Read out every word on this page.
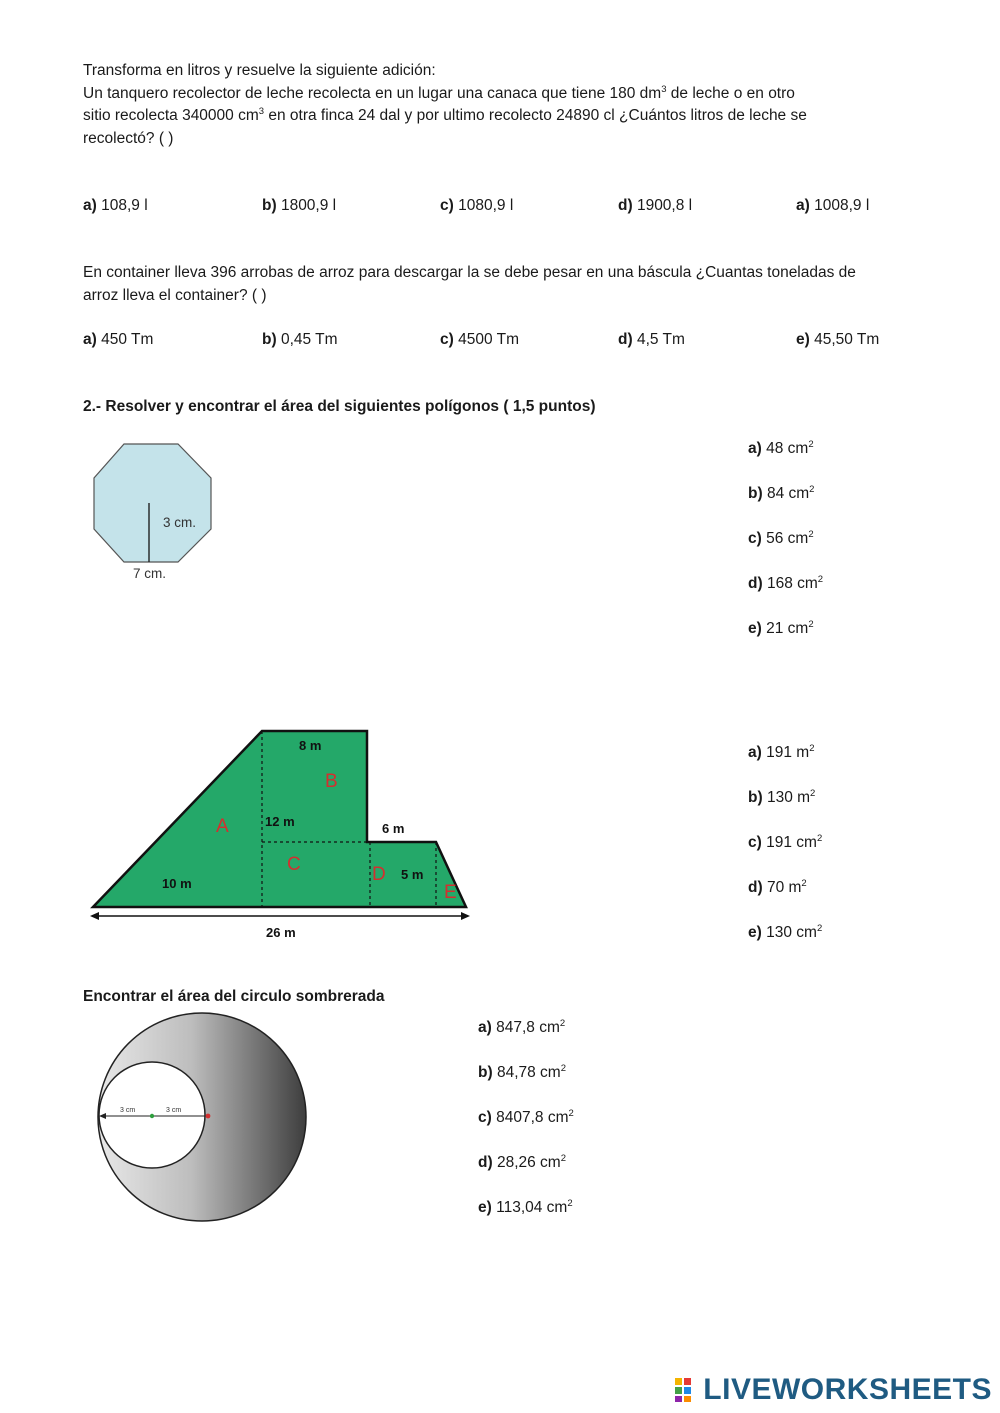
Transforma en litros y resuelve la siguiente adición:
Un tanquero recolector de leche recolecta en un lugar una canaca que tiene 180 $dm^3$ de leche o en otro
sitio recolecta 340000 $cm^3$ en otra finca 24 dal y por ultimo recolecto 24890 cl ¿Cuántos litros de leche se
recolectó? ( )
a) 108,9 l	b) 1800,9 l	c) 1080,9 l	d) 1900,8 l	a) 1008,9 l
En container lleva 396 arrobas de arroz para descargar la se debe pesar en una báscula ¿Cuantas toneladas de
arroz lleva el container? ( )
a) 450 Tm	b) 0,45 Tm	c) 4500 Tm	d) 4,5 Tm	e) 45,50 Tm
2.- Resolver y encontrar el área del siguientes polígonos ( 1,5 puntos)
3 cm.
7 cm.
a) 48 $cm^2$
b) 84 $cm^2$
c) 56 $cm^2$
d) 168 $cm^2$
e) 21 $cm^2$
8 m
12 m	6 m
5 m
10 m
A
B
C	D
E
26 m
a) 191 $m^2$
b) 130 $m^2$
c) 191 $cm^2$
d) 70 $m^2$
e) 130 $cm^2$
Encontrar el área del circulo sombrerada
3 cm	3 cm
a) 847,8 $cm^2$
b) 84,78 $cm^2$
c) 8407,8 $cm^2$
d) 28,26 $cm^2$
e) 113,04 $cm^2$
LIVEWORKSHEETS
